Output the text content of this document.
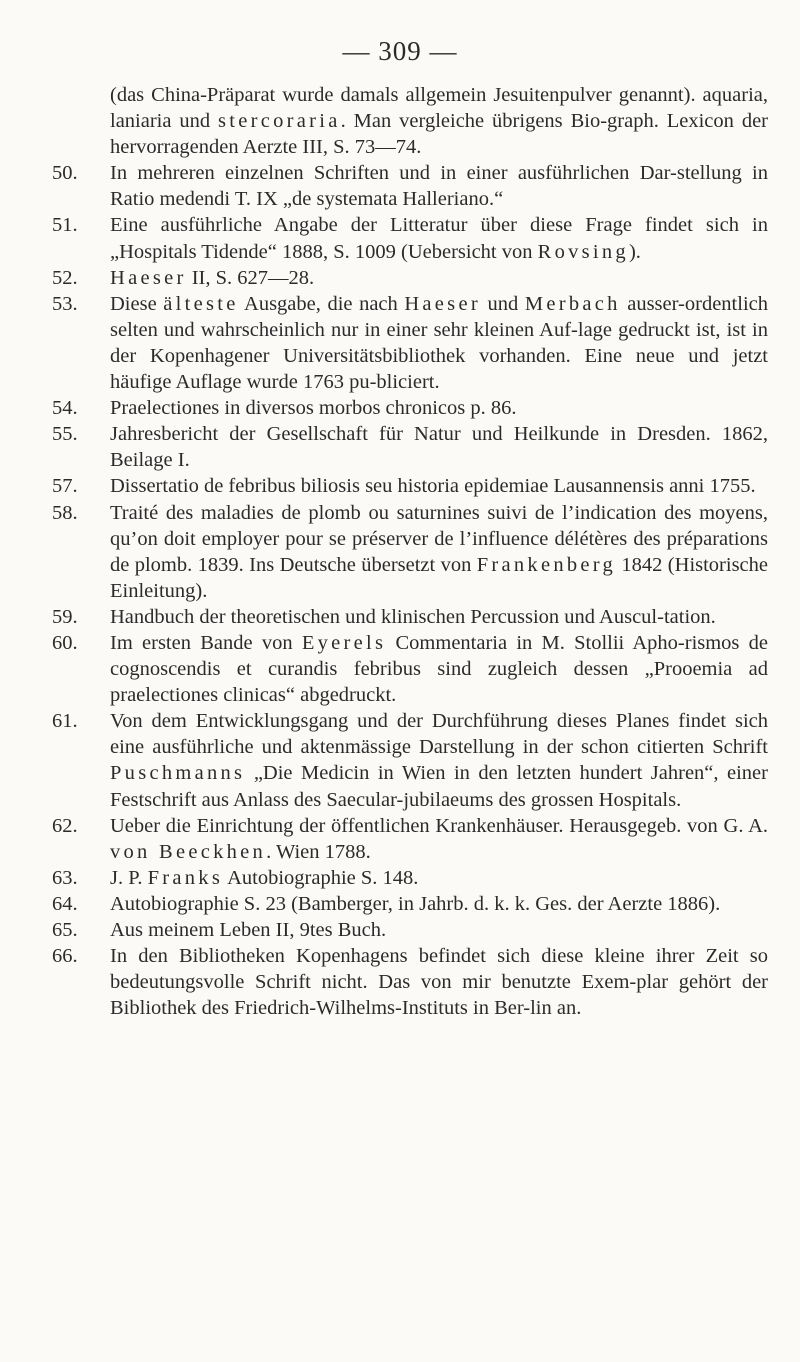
— 309 —
(das China-Präparat wurde damals allgemein Jesuitenpulver genannt). aquaria, laniaria und stercoraria. Man vergleiche übrigens Bio-graph. Lexicon der hervorragenden Aerzte III, S. 73—74.
50.	In mehreren einzelnen Schriften und in einer ausführlichen Dar-stellung in Ratio medendi T. IX „de systemata Halleriano.“
51.	Eine ausführliche Angabe der Litteratur über diese Frage findet sich in „Hospitals Tidende“ 1888, S. 1009 (Uebersicht von Rovsing).
52.	Haeser II, S. 627—28.
53.	Diese älteste Ausgabe, die nach Haeser und Merbach ausser-ordentlich selten und wahrscheinlich nur in einer sehr kleinen Auf-lage gedruckt ist, ist in der Kopenhagener Universitätsbibliothek vorhanden. Eine neue und jetzt häufige Auflage wurde 1763 pu-bliciert.
54.	Praelectiones in diversos morbos chronicos p. 86.
55.	Jahresbericht der Gesellschaft für Natur und Heilkunde in Dresden. 1862, Beilage I.
57.	Dissertatio de febribus biliosis seu historia epidemiae Lausannensis anni 1755.
58.	Traité des maladies de plomb ou saturnines suivi de l’indication des moyens, qu’on doit employer pour se préserver de l’influence délétères des préparations de plomb. 1839. Ins Deutsche übersetzt von Frankenberg 1842 (Historische Einleitung).
59.	Handbuch der theoretischen und klinischen Percussion und Auscul-tation.
60.	Im ersten Bande von Eyerels Commentaria in M. Stollii Apho-rismos de cognoscendis et curandis febribus sind zugleich dessen „Prooemia ad praelectiones clinicas“ abgedruckt.
61.	Von dem Entwicklungsgang und der Durchführung dieses Planes findet sich eine ausführliche und aktenmässige Darstellung in der schon citierten Schrift Puschmanns „Die Medicin in Wien in den letzten hundert Jahren“, einer Festschrift aus Anlass des Saecular-jubilaeums des grossen Hospitals.
62.	Ueber die Einrichtung der öffentlichen Krankenhäuser. Herausgegeb. von G. A. von Beeckhen. Wien 1788.
63.	J. P. Franks Autobiographie S. 148.
64.	Autobiographie S. 23 (Bamberger, in Jahrb. d. k. k. Ges. der Aerzte 1886).
65.	Aus meinem Leben II, 9tes Buch.
66.	In den Bibliotheken Kopenhagens befindet sich diese kleine ihrer Zeit so bedeutungsvolle Schrift nicht. Das von mir benutzte Exem-plar gehört der Bibliothek des Friedrich-Wilhelms-Instituts in Ber-lin an.
